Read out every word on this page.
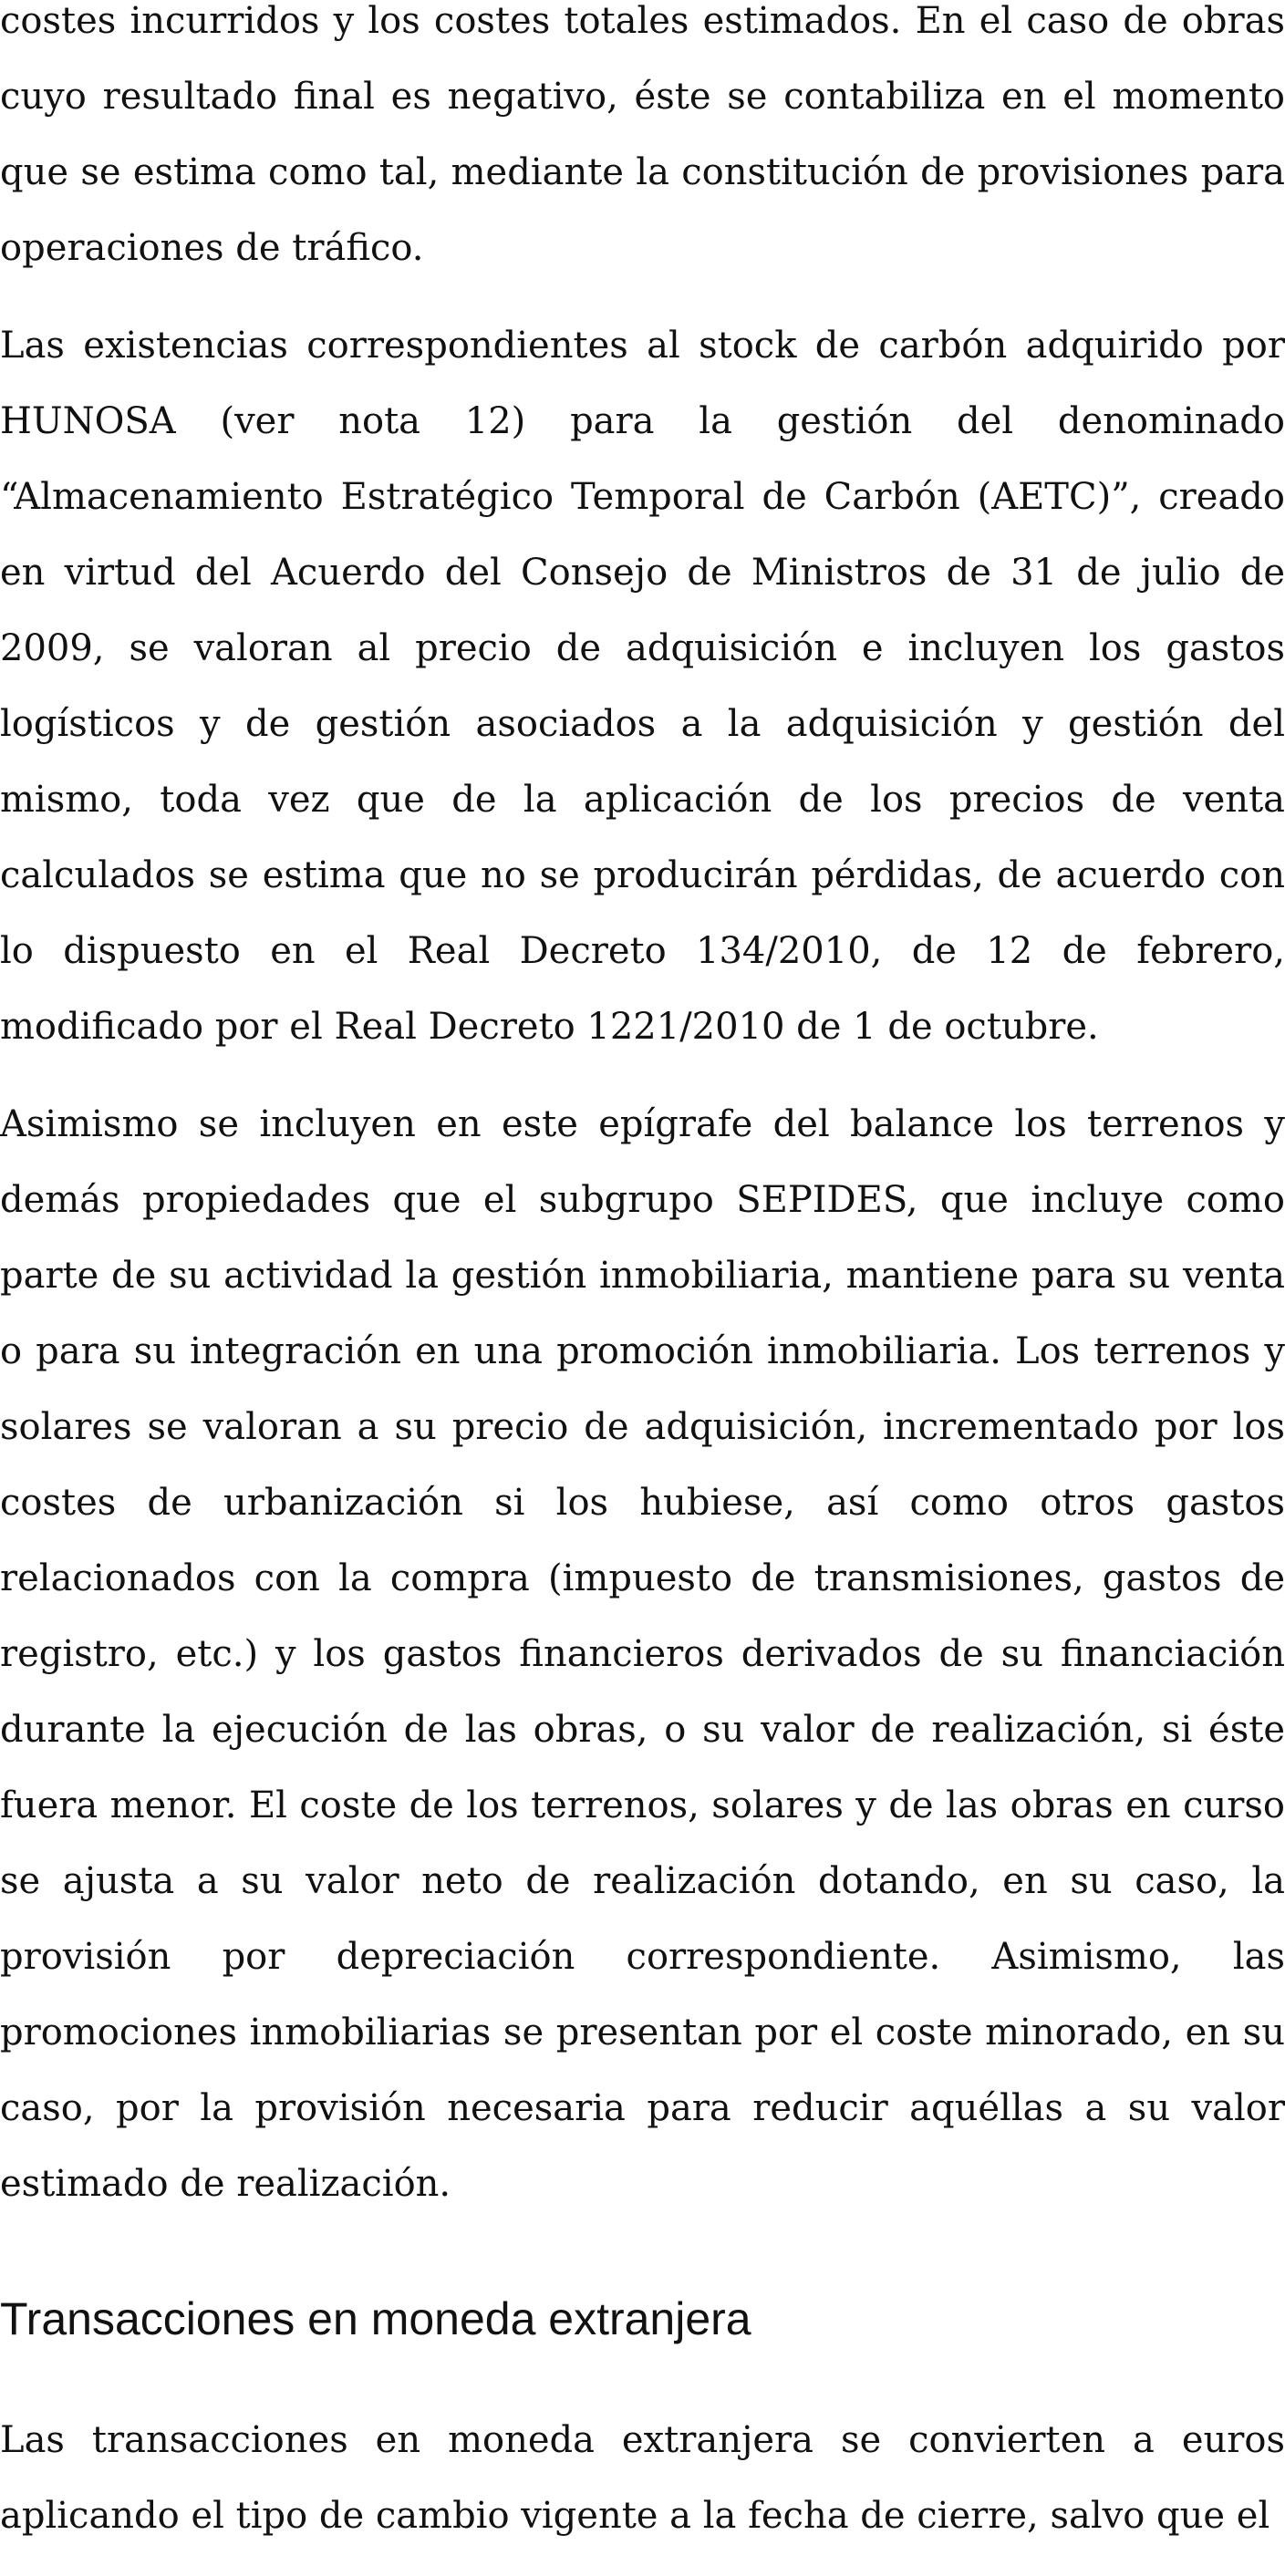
costes incurridos y los costes totales estimados. En el caso de obras cuyo resultado final es negativo, éste se contabiliza en el momento que se estima como tal, mediante la constitución de provisiones para operaciones de tráfico.

Las existencias correspondientes al stock de carbón adquirido por HUNOSA (ver nota 12) para la gestión del denominado “Almacenamiento Estratégico Temporal de Carbón (AETC)”, creado en virtud del Acuerdo del Consejo de Ministros de 31 de julio de 2009, se valoran al precio de adquisición e incluyen los gastos logísticos y de gestión asociados a la adquisición y gestión del mismo, toda vez que de la aplicación de los precios de venta calculados se estima que no se producirán pérdidas, de acuerdo con lo dispuesto en el Real Decreto 134/2010, de 12 de febrero, modificado por el Real Decreto 1221/2010 de 1 de octubre.

Asimismo se incluyen en este epígrafe del balance los terrenos y demás propiedades que el subgrupo SEPIDES, que incluye como parte de su actividad la gestión inmobiliaria, mantiene para su venta o para su integración en una promoción inmobiliaria. Los terrenos y solares se valoran a su precio de adquisición, incrementado por los costes de urbanización si los hubiese, así como otros gastos relacionados con la compra (impuesto de transmisiones, gastos de registro, etc.) y los gastos financieros derivados de su financiación durante la ejecución de las obras, o su valor de realización, si éste fuera menor. El coste de los terrenos, solares y de las obras en curso se ajusta a su valor neto de realización dotando, en su caso, la provisión por depreciación correspondiente. Asimismo, las promociones inmobiliarias se presentan por el coste minorado, en su caso, por la provisión necesaria para reducir aquéllas a su valor estimado de realización.

Transacciones en moneda extranjera

Las transacciones en moneda extranjera se convierten a euros aplicando el tipo de cambio vigente a la fecha de cierre, salvo que el
